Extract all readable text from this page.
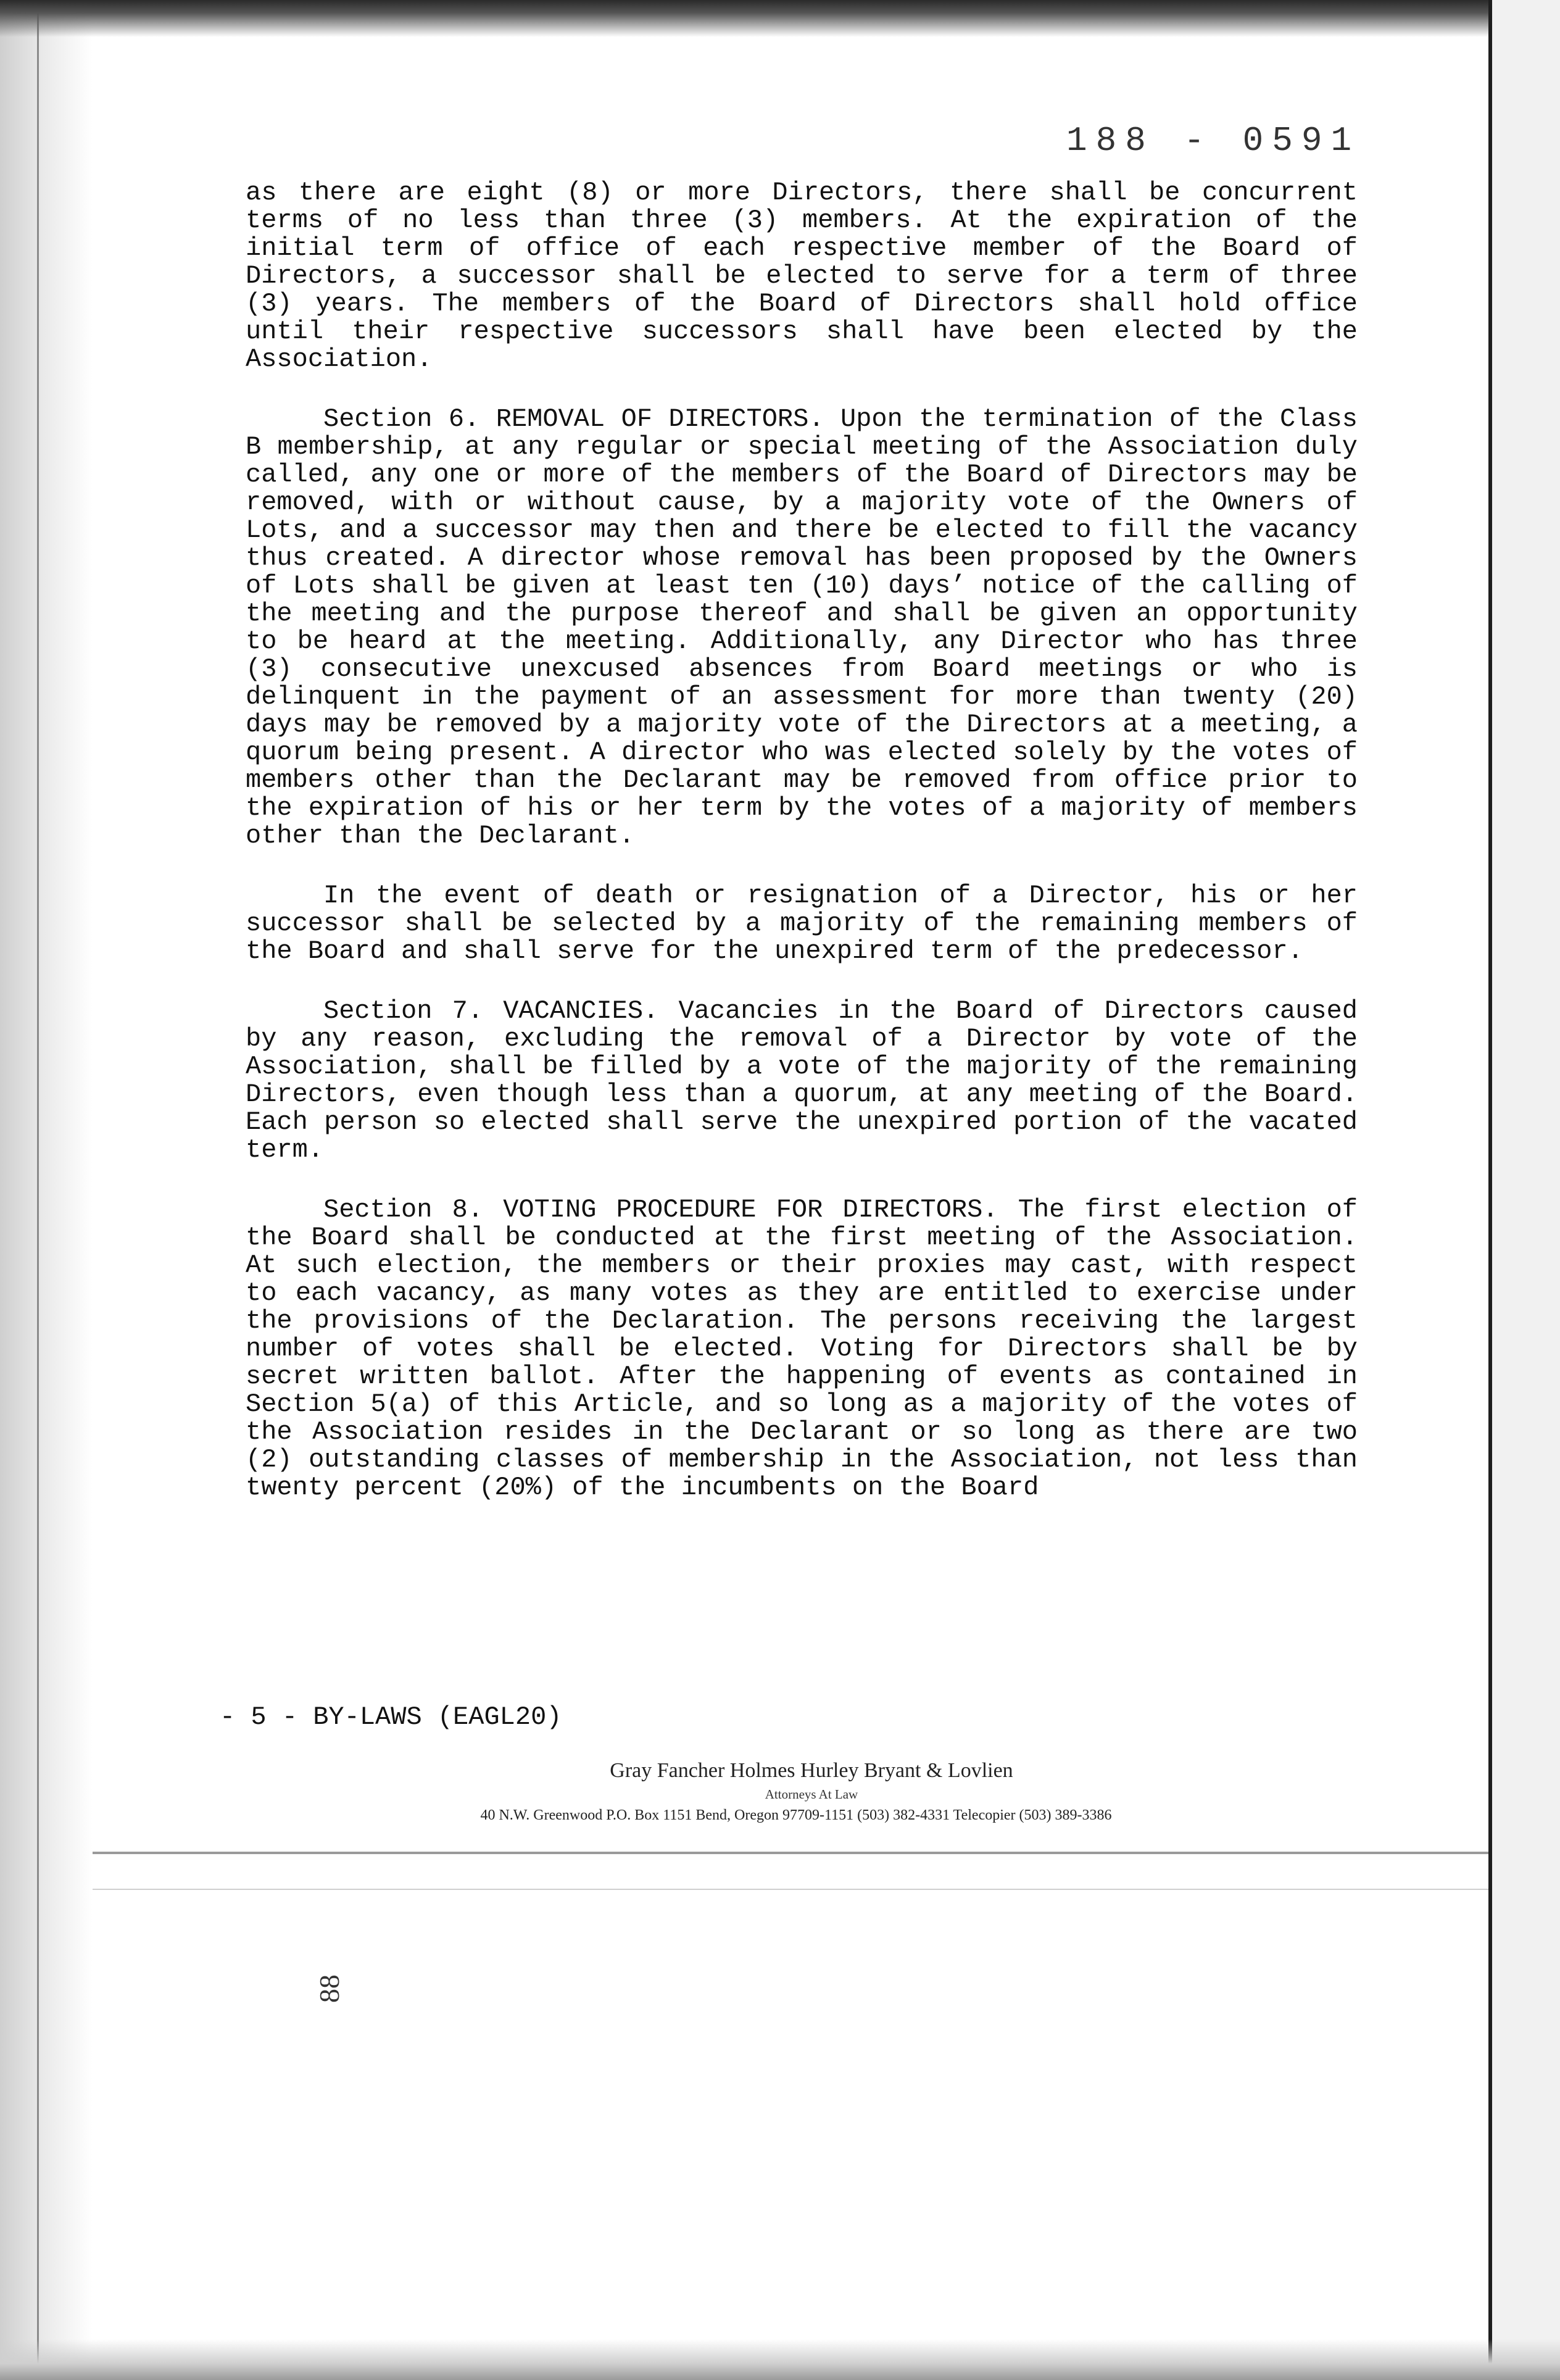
188 - 0591

as there are eight (8) or more Directors, there shall be concurrent terms of no less than three (3) members. At the expiration of the initial term of office of each respective member of the Board of Directors, a successor shall be elected to serve for a term of three (3) years. The members of the Board of Directors shall hold office until their respective successors shall have been elected by the Association.

Section 6. REMOVAL OF DIRECTORS. Upon the termination of the Class B membership, at any regular or special meeting of the Association duly called, any one or more of the members of the Board of Directors may be removed, with or without cause, by a majority vote of the Owners of Lots, and a successor may then and there be elected to fill the vacancy thus created. A director whose removal has been proposed by the Owners of Lots shall be given at least ten (10) days’ notice of the calling of the meeting and the purpose thereof and shall be given an opportunity to be heard at the meeting. Additionally, any Director who has three (3) consecutive unexcused absences from Board meetings or who is delinquent in the payment of an assessment for more than twenty (20) days may be removed by a majority vote of the Directors at a meeting, a quorum being present. A director who was elected solely by the votes of members other than the Declarant may be removed from office prior to the expiration of his or her term by the votes of a majority of members other than the Declarant.

In the event of death or resignation of a Director, his or her successor shall be selected by a majority of the remaining members of the Board and shall serve for the unexpired term of the predecessor.

Section 7. VACANCIES. Vacancies in the Board of Directors caused by any reason, excluding the removal of a Director by vote of the Association, shall be filled by a vote of the majority of the remaining Directors, even though less than a quorum, at any meeting of the Board. Each person so elected shall serve the unexpired portion of the vacated term.

Section 8. VOTING PROCEDURE FOR DIRECTORS. The first election of the Board shall be conducted at the first meeting of the Association. At such election, the members or their proxies may cast, with respect to each vacancy, as many votes as they are entitled to exercise under the provisions of the Declaration. The persons receiving the largest number of votes shall be elected. Voting for Directors shall be by secret written ballot. After the happening of events as contained in Section 5(a) of this Article, and so long as a majority of the votes of the Association resides in the Declarant or so long as there are two (2) outstanding classes of membership in the Association, not less than twenty percent (20%) of the incumbents on the Board

- 5 - BY-LAWS (EAGL20)
Gray Fancher Holmes Hurley Bryant & Lovlien
Attorneys At Law
40 N.W. Greenwood P.O. Box 1151 Bend, Oregon 97709-1151 (503) 382-4331 Telecopier (503) 389-3386
88
